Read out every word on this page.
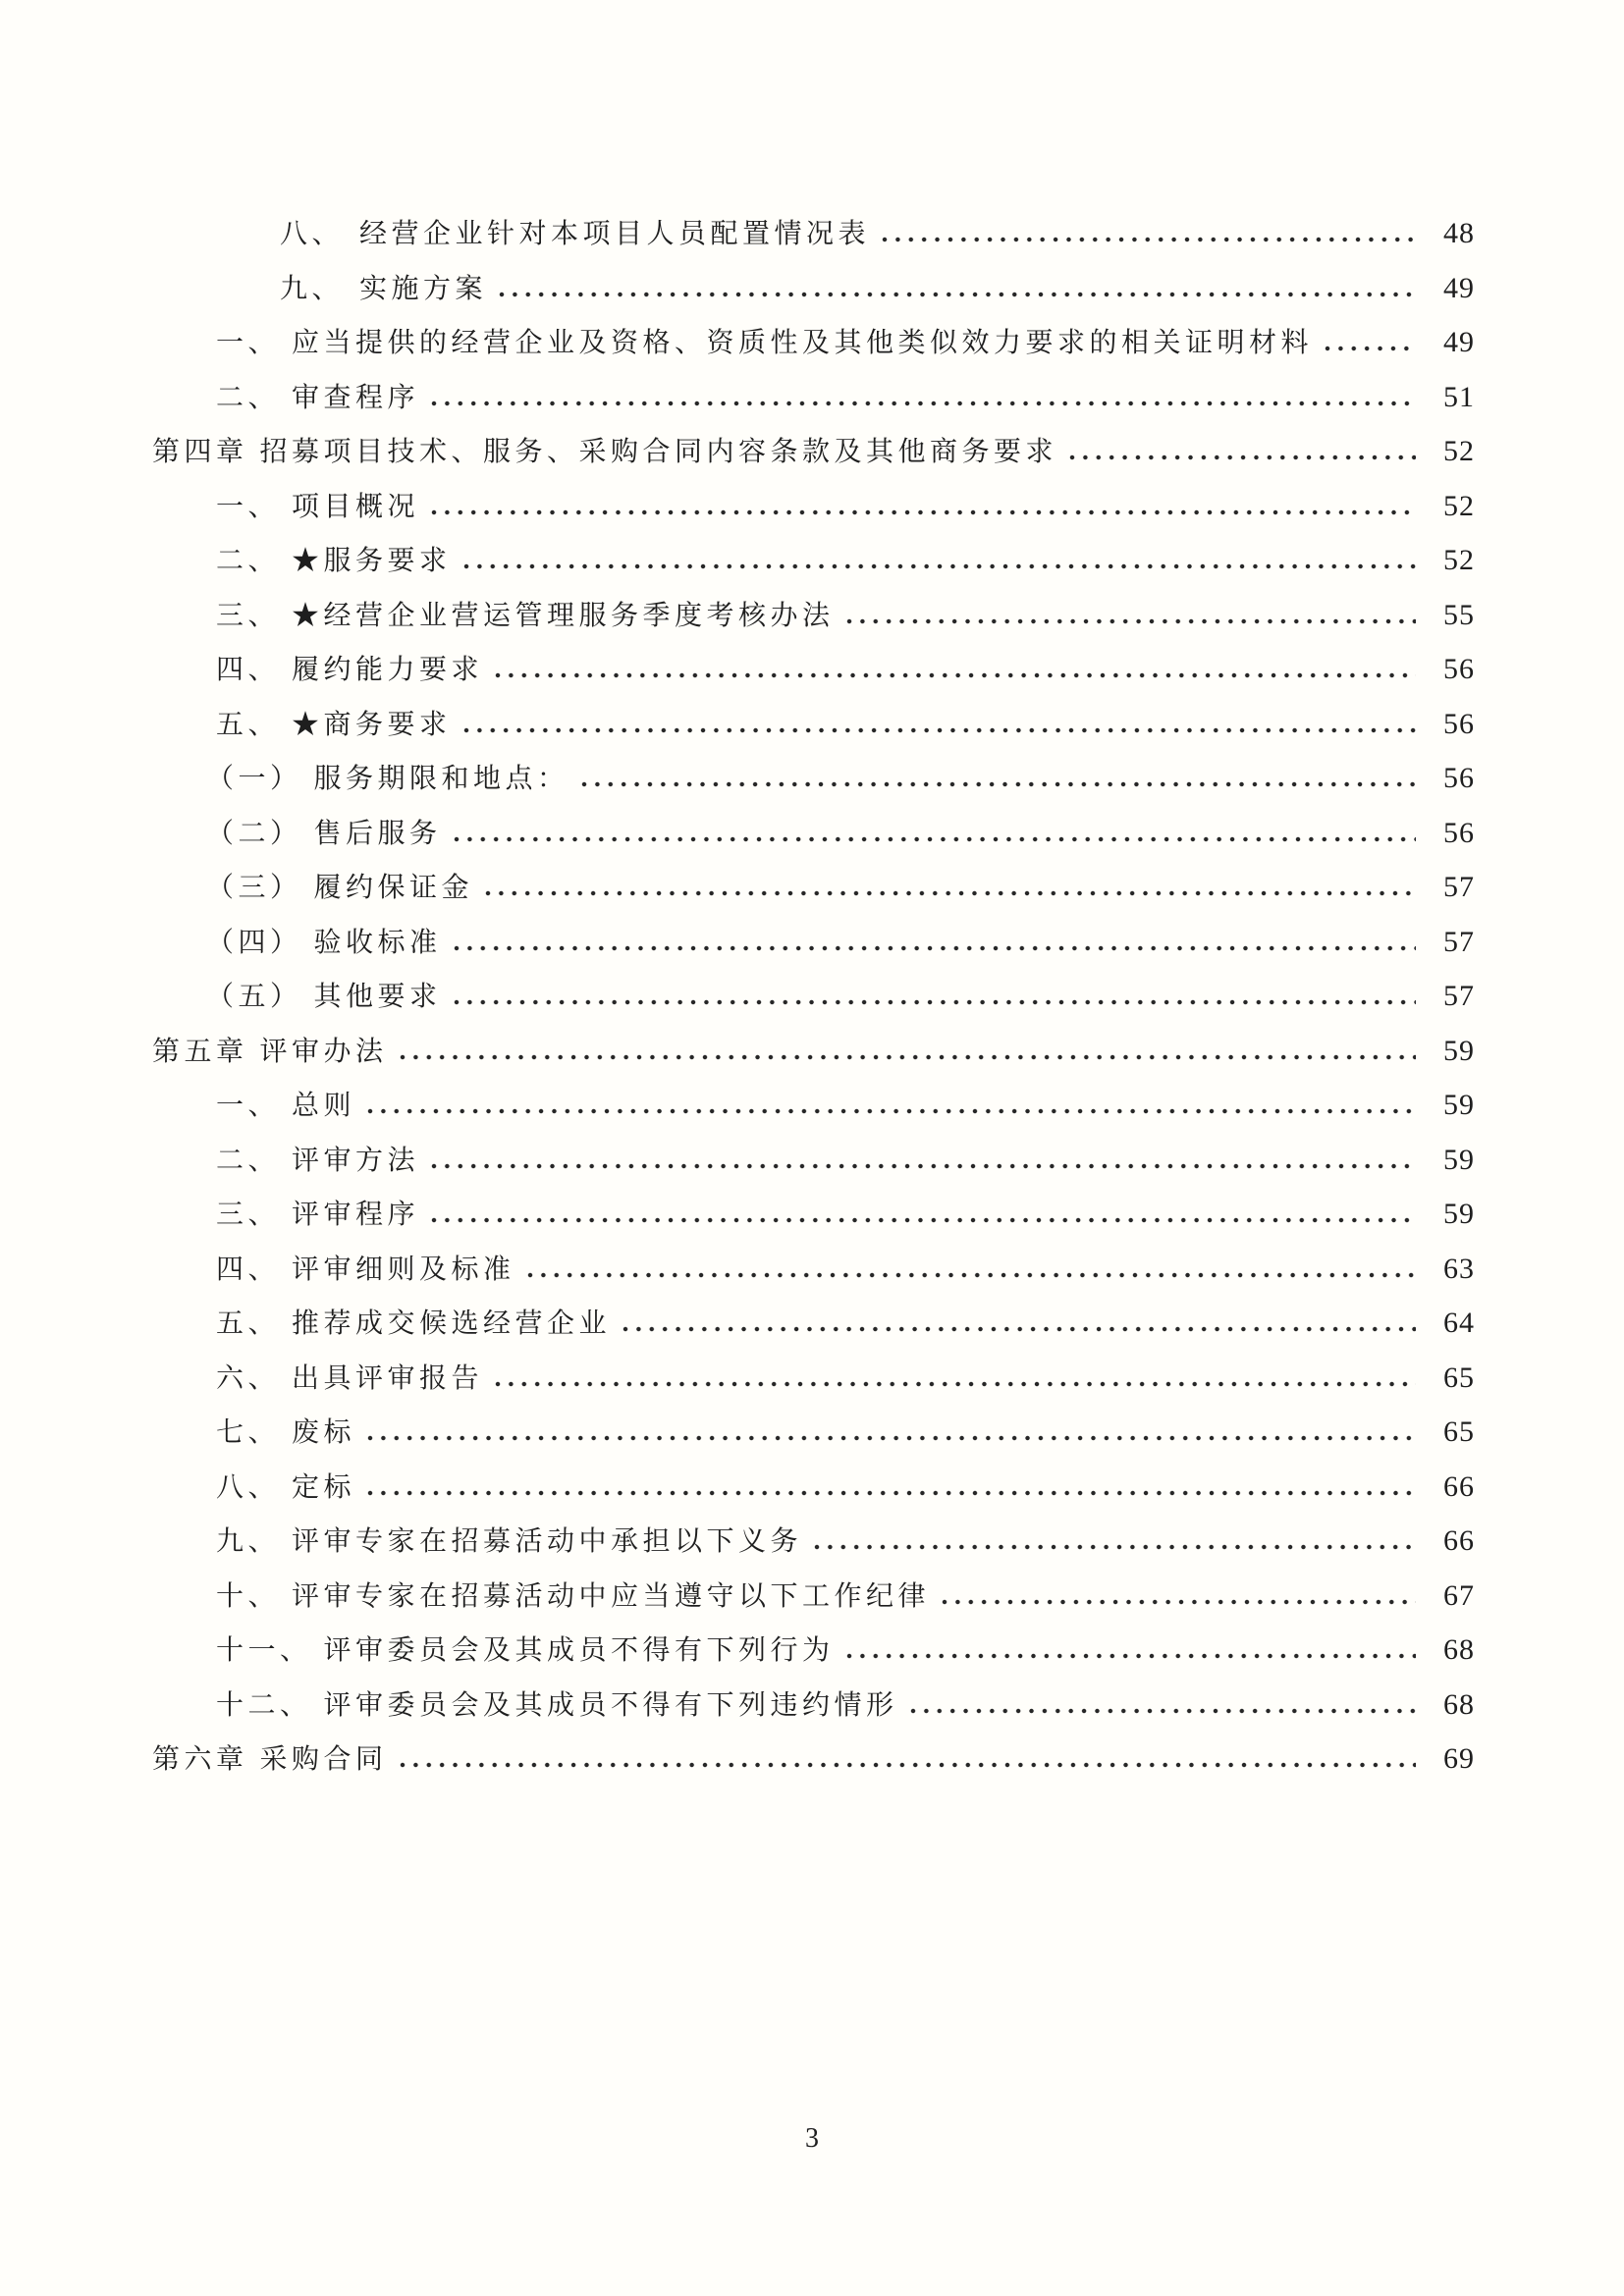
八、 经营企业针对本项目人员配置情况表	48
九、 实施方案	49
一、 应当提供的经营企业及资格、资质性及其他类似效力要求的相关证明材料	49
二、 审查程序	51
第四章 招募项目技术、服务、采购合同内容条款及其他商务要求	52
一、 项目概况	52
二、 ★服务要求	52
三、 ★经营企业营运管理服务季度考核办法	55
四、 履约能力要求	56
五、 ★商务要求	56
（一） 服务期限和地点：	56
（二） 售后服务	56
（三） 履约保证金	57
（四） 验收标准	57
（五） 其他要求	57
第五章 评审办法	59
一、 总则	59
二、 评审方法	59
三、 评审程序	59
四、 评审细则及标准	63
五、 推荐成交候选经营企业	64
六、 出具评审报告	65
七、 废标	65
八、 定标	66
九、 评审专家在招募活动中承担以下义务	66
十、 评审专家在招募活动中应当遵守以下工作纪律	67
十一、 评审委员会及其成员不得有下列行为	68
十二、 评审委员会及其成员不得有下列违约情形	68
第六章 采购合同	69
3
